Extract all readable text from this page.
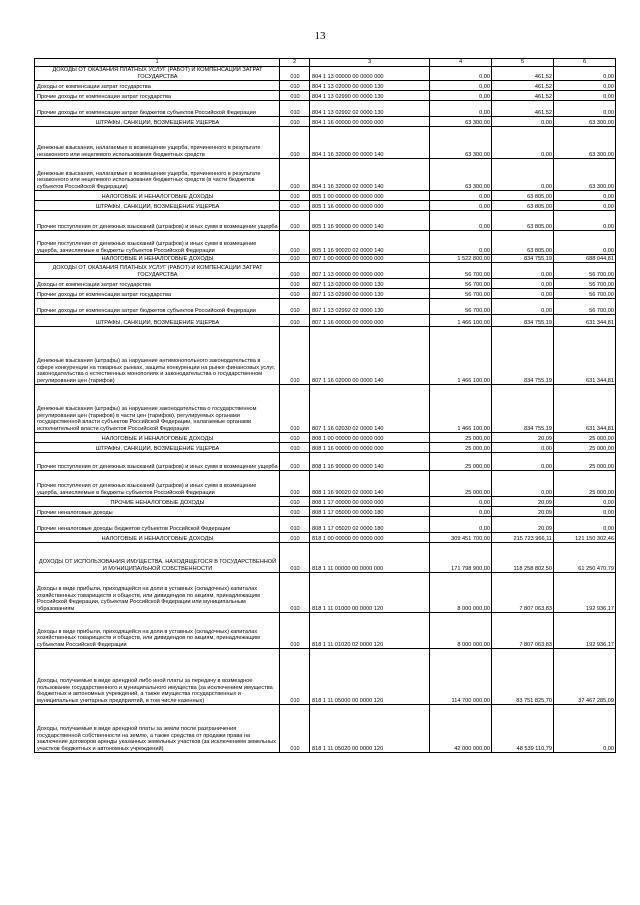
13
1	2	3	4	5	6
ДОХОДЫ ОТ ОКАЗАНИЯ ПЛАТНЫХ УСЛУГ (РАБОТ) И КОМПЕНСАЦИИ ЗАТРАТ ГОСУДАРСТВА	010	804 1 13 00000 00 0000 000	0,00	461,52	0,00
Доходы от компенсации затрат государства	010	804 1 13 02000 00 0000 130	0,00	461,52	0,00
Прочие доходы от компенсации затрат государства	010	804 1 13 02990 00 0000 130	0,00	461,52	0,00
Прочие доходы от компенсации затрат бюджетов субъектов Российской Федерации	010	804 1 13 02992 02 0000 130	0,00	461,52	0,00
ШТРАФЫ, САНКЦИИ, ВОЗМЕЩЕНИЕ УЩЕРБА	010	804 1 16 00000 00 0000 000	63 300,00	0,00	63 300,00
Денежные взыскания, налагаемые в возмещение ущерба, причиненного в результате незаконного или нецелевого использования бюджетных средств	010	804 1 16 32000 00 0000 140	63 300,00	0,00	63 300,00
Денежные взыскания, налагаемые в возмещение ущерба, причиненного в результате незаконного или нецелевого использования бюджетных средств (в части бюджетов субъектов Российской Федерации)	010	804 1 16 32000 02 0000 140	63 300,00	0,00	63 300,00
НАЛОГОВЫЕ И НЕНАЛОГОВЫЕ ДОХОДЫ	010	805 1 00 00000 00 0000 000	0,00	63 805,00	0,00
ШТРАФЫ, САНКЦИИ, ВОЗМЕЩЕНИЕ УЩЕРБА	010	805 1 16 00000 00 0000 000	0,00	63 805,00	0,00
Прочие поступления от денежных взысканий (штрафов) и иных сумм в возмещение ущерба	010	805 1 16 90000 00 0000 140	0,00	63 805,00	0,00
Прочие поступления от денежных взысканий (штрафов) и иных сумм в возмещение ущерба, зачисляемые в бюджеты субъектов Российской Федерации	010	805 1 16 90020 02 0000 140	0,00	63 805,00	0,00
НАЛОГОВЫЕ И НЕНАЛОГОВЫЕ ДОХОДЫ	010	807 1 00 00000 00 0000 000	1 522 800,00	834 755,19	688 044,81
ДОХОДЫ ОТ ОКАЗАНИЯ ПЛАТНЫХ УСЛУГ (РАБОТ) И КОМПЕНСАЦИИ ЗАТРАТ ГОСУДАРСТВА	010	807 1 13 00000 00 0000 000	56 700,00	0,00	56 700,00
Доходы от компенсации затрат государства	010	807 1 13 02000 00 0000 130	56 700,00	0,00	56 700,00
Прочие доходы от компенсации затрат государства	010	807 1 13 02990 00 0000 130	56 700,00	0,00	56 700,00
Прочие доходы от компенсации затрат бюджетов субъектов Российской Федерации	010	807 1 13 02992 02 0000 130	56 700,00	0,00	56 700,00
ШТРАФЫ, САНКЦИИ, ВОЗМЕЩЕНИЕ УЩЕРБА	010	807 1 16 00000 00 0000 000	1 466 100,00	834 755,19	631 344,81
Денежные взыскания (штрафы) за нарушение антимонопольного законодательства в сфере конкуренции на товарных рынках, защиты конкуренции на рынке финансовых услуг, законодательства о естественных монополиях и законодательства о государственном регулировании цен (тарифов)	010	807 1 16 02000 00 0000 140	1 466 100,00	834 755,19	631 344,81
Денежные взыскания (штрафы) за нарушение законодательства о государственном регулировании цен (тарифов) в части цен (тарифов), регулируемых органами государственной власти субъектов Российской Федерации, налагаемые органами исполнительной власти субъектов Российской Федерации	010	807 1 16 02030 02 0000 140	1 466 100,00	834 755,19	631 344,81
НАЛОГОВЫЕ И НЕНАЛОГОВЫЕ ДОХОДЫ	010	808 1 00 00000 00 0000 000	25 000,00	20,09	25 000,00
ШТРАФЫ, САНКЦИИ, ВОЗМЕЩЕНИЕ УЩЕРБА	010	808 1 16 00000 00 0000 000	25 000,00	0,00	25 000,00
Прочие поступления от денежных взысканий (штрафов) и иных сумм в возмещение ущерба	010	808 1 16 90000 00 0000 140	25 000,00	0,00	25 000,00
Прочие поступления от денежных взысканий (штрафов) и иных сумм в возмещение ущерба, зачисляемые в бюджеты субъектов Российской Федерации	010	808 1 16 90020 02 0000 140	25 000,00	0,00	25 000,00
ПРОЧИЕ НЕНАЛОГОВЫЕ ДОХОДЫ	010	808 1 17 00000 00 0000 000	0,00	20,09	0,00
Прочие неналоговые доходы	010	808 1 17 05000 00 0000 180	0,00	20,09	0,00
Прочие неналоговые доходы бюджетов субъектов Российской Федерации	010	808 1 17 05020 02 0000 180	0,00	20,09	0,00
НАЛОГОВЫЕ И НЕНАЛОГОВЫЕ ДОХОДЫ	010	818 1 00 00000 00 0000 000	309 451 700,00	215 723 966,11	121 150 302,46
ДОХОДЫ ОТ ИСПОЛЬЗОВАНИЯ ИМУЩЕСТВА, НАХОДЯЩЕГОСЯ В ГОСУДАРСТВЕННОЙ И МУНИЦИПАЛЬНОЙ СОБСТВЕННОСТИ	010	818 1 11 00000 00 0000 000	171 798 900,00	118 258 802,50	61 250 470,79
Доходы в виде прибыли, приходящейся на доли в уставных (складочных) капиталах хозяйственных товариществ и обществ, или дивидендов по акциям, принадлежащим Российской Федерации, субъектам Российской Федерации или муниципальным образованиям	010	818 1 11 01000 00 0000 120	8 000 000,00	7 807 063,83	192 936,17
Доходы в виде прибыли, приходящейся на доли в уставных (складочных) капиталах хозяйственных товариществ и обществ, или дивидендов по акциям, принадлежащим субъектам Российской Федерации	010	818 1 11 01020 02 0000 120	8 000 000,00	7 807 063,83	192 936,17
Доходы, получаемые в виде арендной либо иной платы за передачу в возмездное пользование государственного и муниципального имущества (за исключением имущества бюджетных и автономных учреждений, а также имущества государственных и муниципальных унитарных предприятий, в том числе казенных)	010	818 1 11 05000 00 0000 120	114 700 000,00	83 751 825,70	37 467 285,09
Доходы, получаемые в виде арендной платы за земли после разграничения государственной собственности на землю, а также средства от продажи права на заключение договоров аренды указанных земельных участков (за исключением земельных участков бюджетных и автономных учреждений)	010	818 1 11 05020 00 0000 120	42 000 000,00	48 539 110,79	0,00
